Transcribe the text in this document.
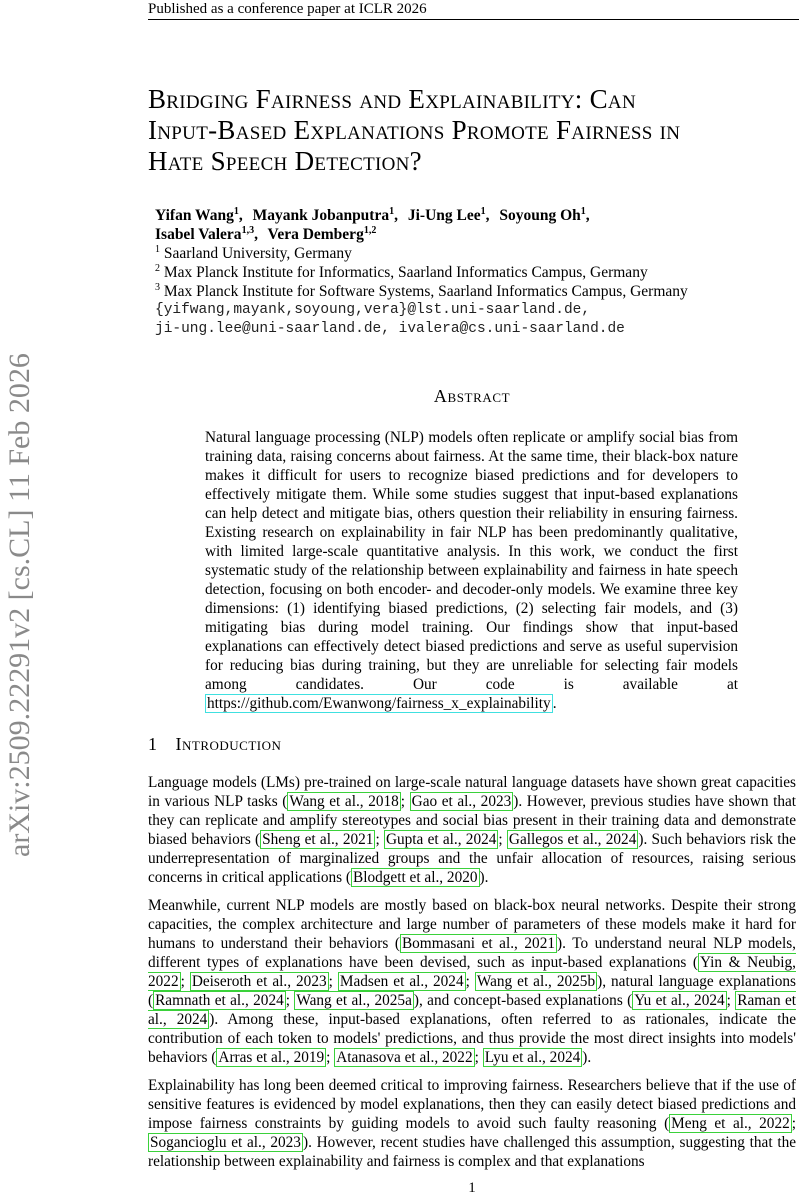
Published as a conference paper at ICLR 2026
arXiv:2509.22291v2 [cs.CL] 11 Feb 2026
Bridging Fairness and Explainability: Can
Input-Based Explanations Promote Fairness in
Hate Speech Detection?
Yifan Wang$^1$, Mayank Jobanputra$^1$, Ji-Ung Lee$^1$, Soyoung Oh$^1$,
Isabel Valera$^{1,3}$, Vera Demberg$^{1,2}$
$^1$ Saarland University, Germany
$^2$ Max Planck Institute for Informatics, Saarland Informatics Campus, Germany
$^3$ Max Planck Institute for Software Systems, Saarland Informatics Campus, Germany
{yifwang,mayank,soyoung,vera}@lst.uni-saarland.de,
ji-ung.lee@uni-saarland.de, ivalera@cs.uni-saarland.de
Abstract
Natural language processing (NLP) models often replicate or amplify social bias from training data, raising concerns about fairness. At the same time, their black-box nature makes it difficult for users to recognize biased predictions and for developers to effectively mitigate them. While some studies suggest that input-based explanations can help detect and mitigate bias, others question their reliability in ensuring fairness. Existing research on explainability in fair NLP has been predominantly qualitative, with limited large-scale quantitative analysis. In this work, we conduct the first systematic study of the relationship between explainability and fairness in hate speech detection, focusing on both encoder- and decoder-only models. We examine three key dimensions: (1) identifying biased predictions, (2) selecting fair models, and (3) mitigating bias during model training. Our findings show that input-based explanations can effectively detect biased predictions and serve as useful supervision for reducing bias during training, but they are unreliable for selecting fair models among candidates. Our code is available at https://github.com/Ewanwong/fairness_x_explainability .
1 Introduction

Language models (LMs) pre-trained on large-scale natural language datasets have shown great capacities in various NLP tasks ( Wang et al., 2018 ; Gao et al., 2023 ). However, previous studies have shown that they can replicate and amplify stereotypes and social bias present in their training data and demonstrate biased behaviors ( Sheng et al., 2021 ; Gupta et al., 2024 ; Gallegos et al., 2024 ). Such behaviors risk the underrepresentation of marginalized groups and the unfair allocation of resources, raising serious concerns in critical applications ( Blodgett et al., 2020 ).

Meanwhile, current NLP models are mostly based on black-box neural networks. Despite their strong capacities, the complex architecture and large number of parameters of these models make it hard for humans to understand their behaviors ( Bommasani et al., 2021 ). To understand neural NLP models, different types of explanations have been devised, such as input-based explanations ( Yin & Neubig, 2022 ; Deiseroth et al., 2023 ; Madsen et al., 2024 ; Wang et al., 2025b ), natural language explanations ( Ramnath et al., 2024 ; Wang et al., 2025a ), and concept-based explanations ( Yu et al., 2024 ; Raman et al., 2024 ). Among these, input-based explanations, often referred to as rationales, indicate the contribution of each token to models' predictions, and thus provide the most direct insights into models' behaviors ( Arras et al., 2019 ; Atanasova et al., 2022 ; Lyu et al., 2024 ).

Explainability has long been deemed critical to improving fairness. Researchers believe that if the use of sensitive features is evidenced by model explanations, then they can easily detect biased predictions and impose fairness constraints by guiding models to avoid such faulty reasoning ( Meng et al., 2022 ; Sogancioglu et al., 2023 ). However, recent studies have challenged this assumption, suggesting that the relationship between explainability and fairness is complex and that explanations

1
